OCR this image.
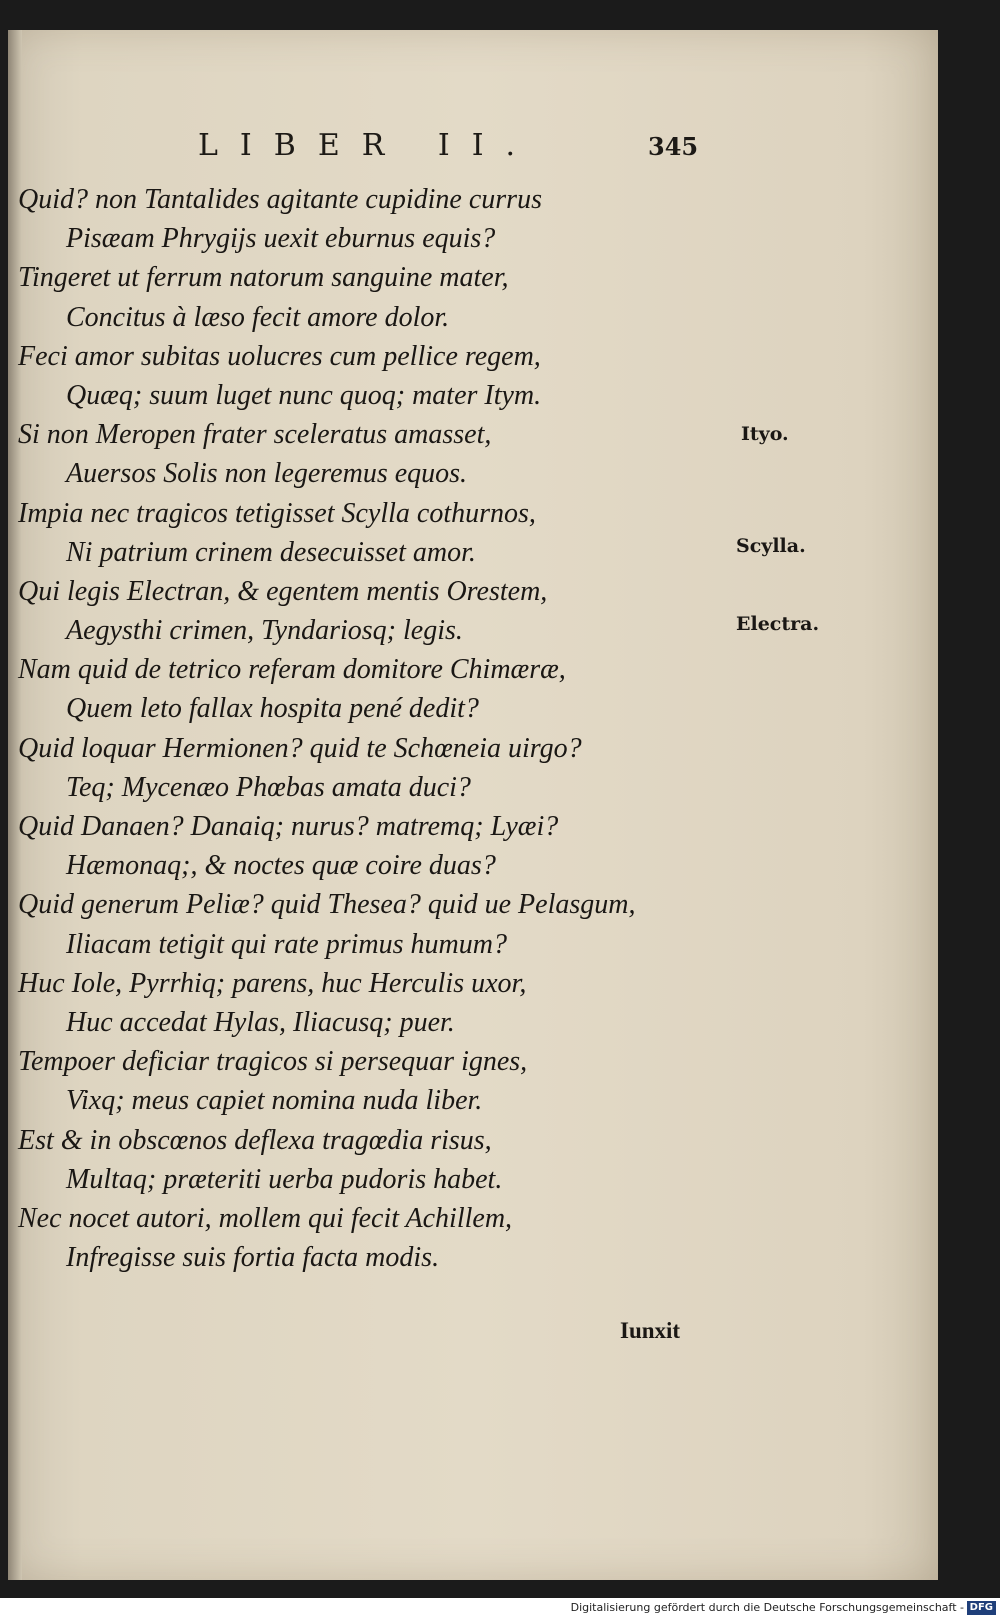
LIBER II.	345
Quid? non Tantalides agitante cupidine currus
Pisæam Phrygijs uexit eburnus equis?
Tingeret ut ferrum natorum sanguine mater,
Concitus à læso fecit amore dolor.
Feci amor subitas uolucres cum pellice regem,
Quæq; suum luget nunc quoq; mater Itym.
Si non Meropen frater sceleratus amasset,
Auersos Solis non legeremus equos.
Impia nec tragicos tetigisset Scylla cothurnos,
Ni patrium crinem desecuisset amor.
Qui legis Electran, & egentem mentis Orestem,
Aegysthi crimen, Tyndariosq; legis.
Nam quid de tetrico referam domitore Chimæræ,
Quem leto fallax hospita pené dedit?
Quid loquar Hermionen? quid te Schœneia uirgo?
Teq; Mycenæo Phœbas amata duci?
Quid Danaen? Danaiq; nurus? matremq; Lyæi?
Hæmonaq;, & noctes quæ coire duas?
Quid generum Peliæ? quid Thesea? quid ue Pelasgum,
Iliacam tetigit qui rate primus humum?
Huc Iole, Pyrrhiq; parens, huc Herculis uxor,
Huc accedat Hylas, Iliacusq; puer.
Tempoer deficiar tragicos si persequar ignes,
Vixq; meus capiet nomina nuda liber.
Est & in obscœnos deflexa tragœdia risus,
Multaq; præteriti uerba pudoris habet.
Nec nocet autori, mollem qui fecit Achillem,
Infregisse suis fortia facta modis.
Ityo.
Scylla.
Electra.
Iunxit
Digitalisierung gefördert durch die Deutsche Forschungsgemeinschaft - DFG
